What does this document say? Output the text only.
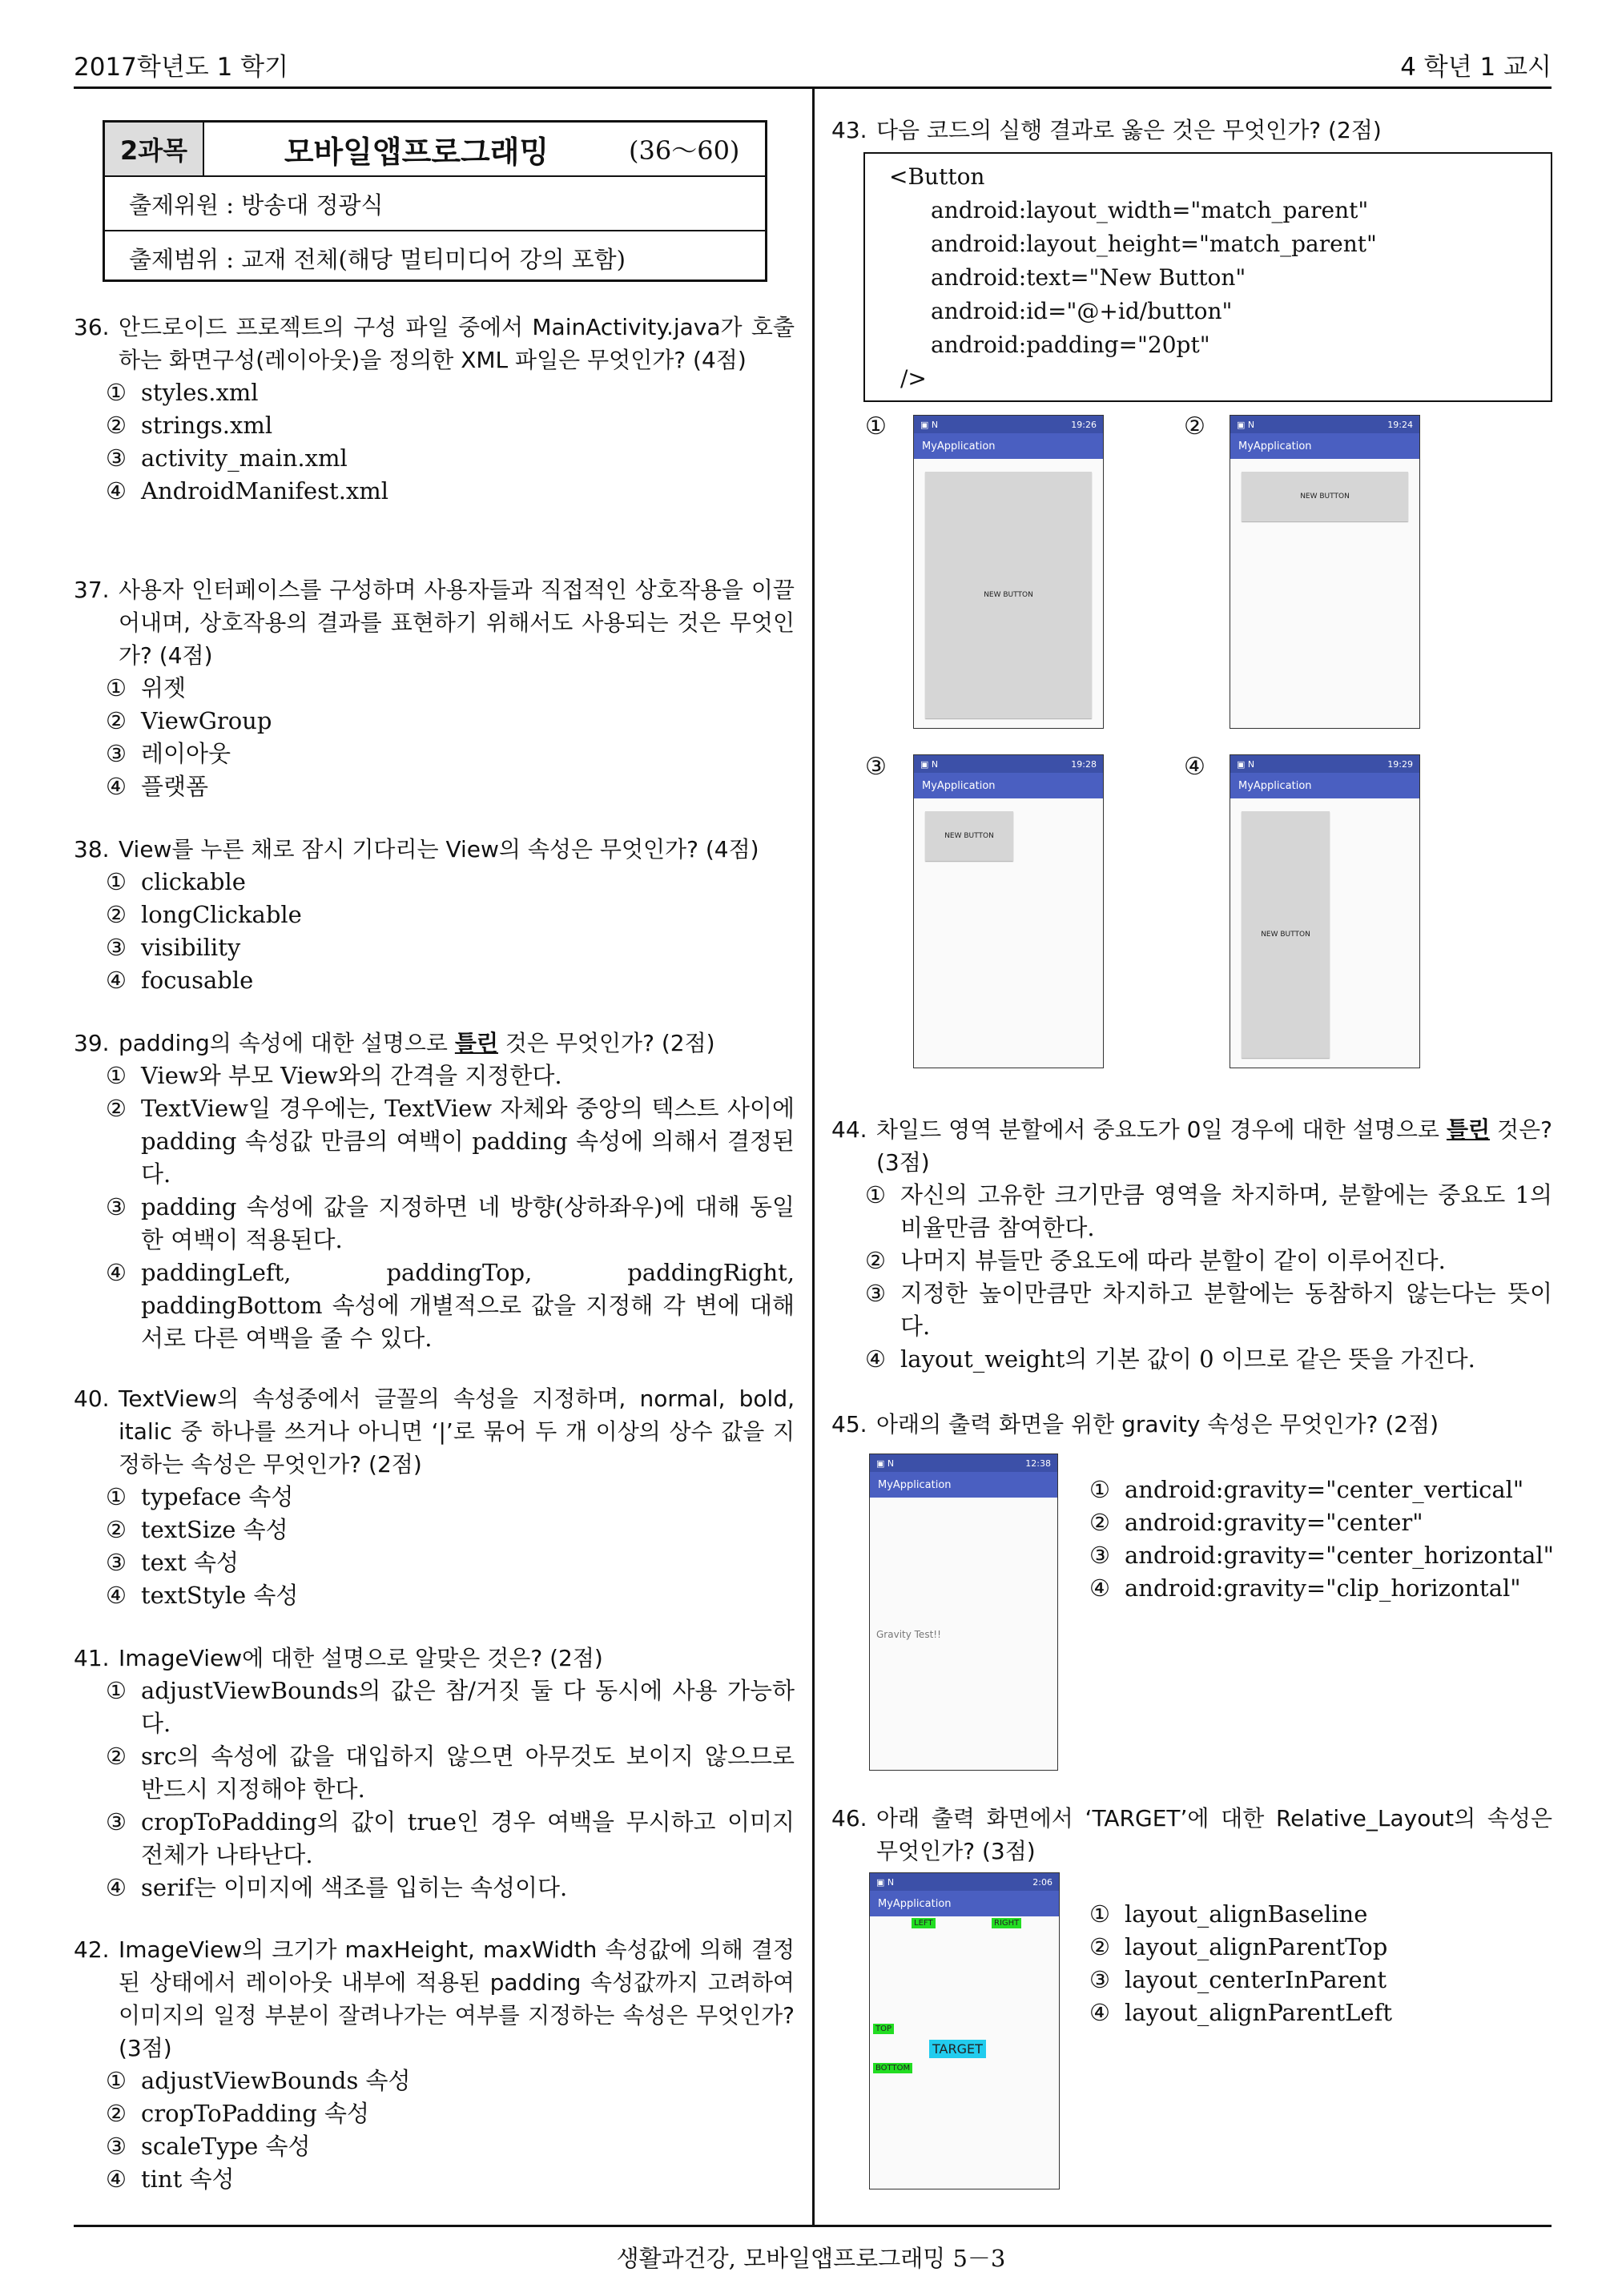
2017학년도 1 학기	4 학년 1 교시
2과목	모바일앱프로그래밍	(36～60)
출제위원 : 방송대 정광식
출제범위 : 교재 전체(해당 멀티미디어 강의 포함)
36. 안드로이드 프로젝트의 구성 파일 중에서 MainActivity.java가 호출하는 화면구성(레이아웃)을 정의한 XML 파일은 무엇인가? (4점)
① styles.xml
② strings.xml
③ activity_main.xml
④ AndroidManifest.xml
37. 사용자 인터페이스를 구성하며 사용자들과 직접적인 상호작용을 이끌어내며, 상호작용의 결과를 표현하기 위해서도 사용되는 것은 무엇인가? (4점)
① 위젯
② ViewGroup
③ 레이아웃
④ 플랫폼
38. View를 누른 채로 잠시 기다리는 View의 속성은 무엇인가? (4점)
① clickable
② longClickable
③ visibility
④ focusable
39. padding의 속성에 대한 설명으로 틀린 것은 무엇인가? (2점)
① View와 부모 View와의 간격을 지정한다.
② TextView일 경우에는, TextView 자체와 중앙의 텍스트 사이에 padding 속성값 만큼의 여백이 padding 속성에 의해서 결정된다.
③ padding 속성에 값을 지정하면 네 방향(상하좌우)에 대해 동일한 여백이 적용된다.
④ paddingLeft, paddingTop, paddingRight, paddingBottom 속성에 개별적으로 값을 지정해 각 변에 대해 서로 다른 여백을 줄 수 있다.
40. TextView의 속성중에서 글꼴의 속성을 지정하며, normal, bold, italic 중 하나를 쓰거나 아니면 ‘|’로 묶어 두 개 이상의 상수 값을 지정하는 속성은 무엇인가? (2점)
① typeface 속성
② textSize 속성
③ text 속성
④ textStyle 속성
41. ImageView에 대한 설명으로 알맞은 것은? (2점)
① adjustViewBounds의 값은 참/거짓 둘 다 동시에 사용 가능하다.
② src의 속성에 값을 대입하지 않으면 아무것도 보이지 않으므로 반드시 지정해야 한다.
③ cropToPadding의 값이 true인 경우 여백을 무시하고 이미지 전체가 나타난다.
④ serif는 이미지에 색조를 입히는 속성이다.
42. ImageView의 크기가 maxHeight, maxWidth 속성값에 의해 결정된 상태에서 레이아웃 내부에 적용된 padding 속성값까지 고려하여 이미지의 일정 부분이 잘려나가는 여부를 지정하는 속성은 무엇인가? (3점)
① adjustViewBounds 속성
② cropToPadding 속성
③ scaleType 속성
④ tint 속성
43. 다음 코드의 실행 결과로 옳은 것은 무엇인가? (2점)
<Button
android:layout_width="match_parent"
android:layout_height="match_parent"
android:text="New Button"
android:id="@+id/button"
android:padding="20pt"
/>
①	▣ N	19:26
MyApplication
NEW BUTTON
②	▣ N	19:24
MyApplication
NEW BUTTON
③	▣ N	19:28
MyApplication
NEW BUTTON
④	▣ N	19:29
MyApplication
NEW BUTTON
44. 차일드 영역 분할에서 중요도가 0일 경우에 대한 설명으로 틀린 것은? (3점)
① 자신의 고유한 크기만큼 영역을 차지하며, 분할에는 중요도 1의 비율만큼 참여한다.
② 나머지 뷰들만 중요도에 따라 분할이 같이 이루어진다.
③ 지정한 높이만큼만 차지하고 분할에는 동참하지 않는다는 뜻이다.
④ layout_weight의 기본 값이 0 이므로 같은 뜻을 가진다.
45. 아래의 출력 화면을 위한 gravity 속성은 무엇인가? (2점)
▣ N	12:38
MyApplication
Gravity Test!!
① android:gravity="center_vertical"
② android:gravity="center"
③ android:gravity="center_horizontal"
④ android:gravity="clip_horizontal"
46. 아래 출력 화면에서 ‘TARGET’에 대한 Relative_Layout의 속성은 무엇인가? (3점)
▣ N	2:06
MyApplication
LEFT	RIGHT
TOP
TARGET
BOTTOM
① layout_alignBaseline
② layout_alignParentTop
③ layout_centerInParent
④ layout_alignParentLeft
생활과건강, 모바일앱프로그래밍 5－3
